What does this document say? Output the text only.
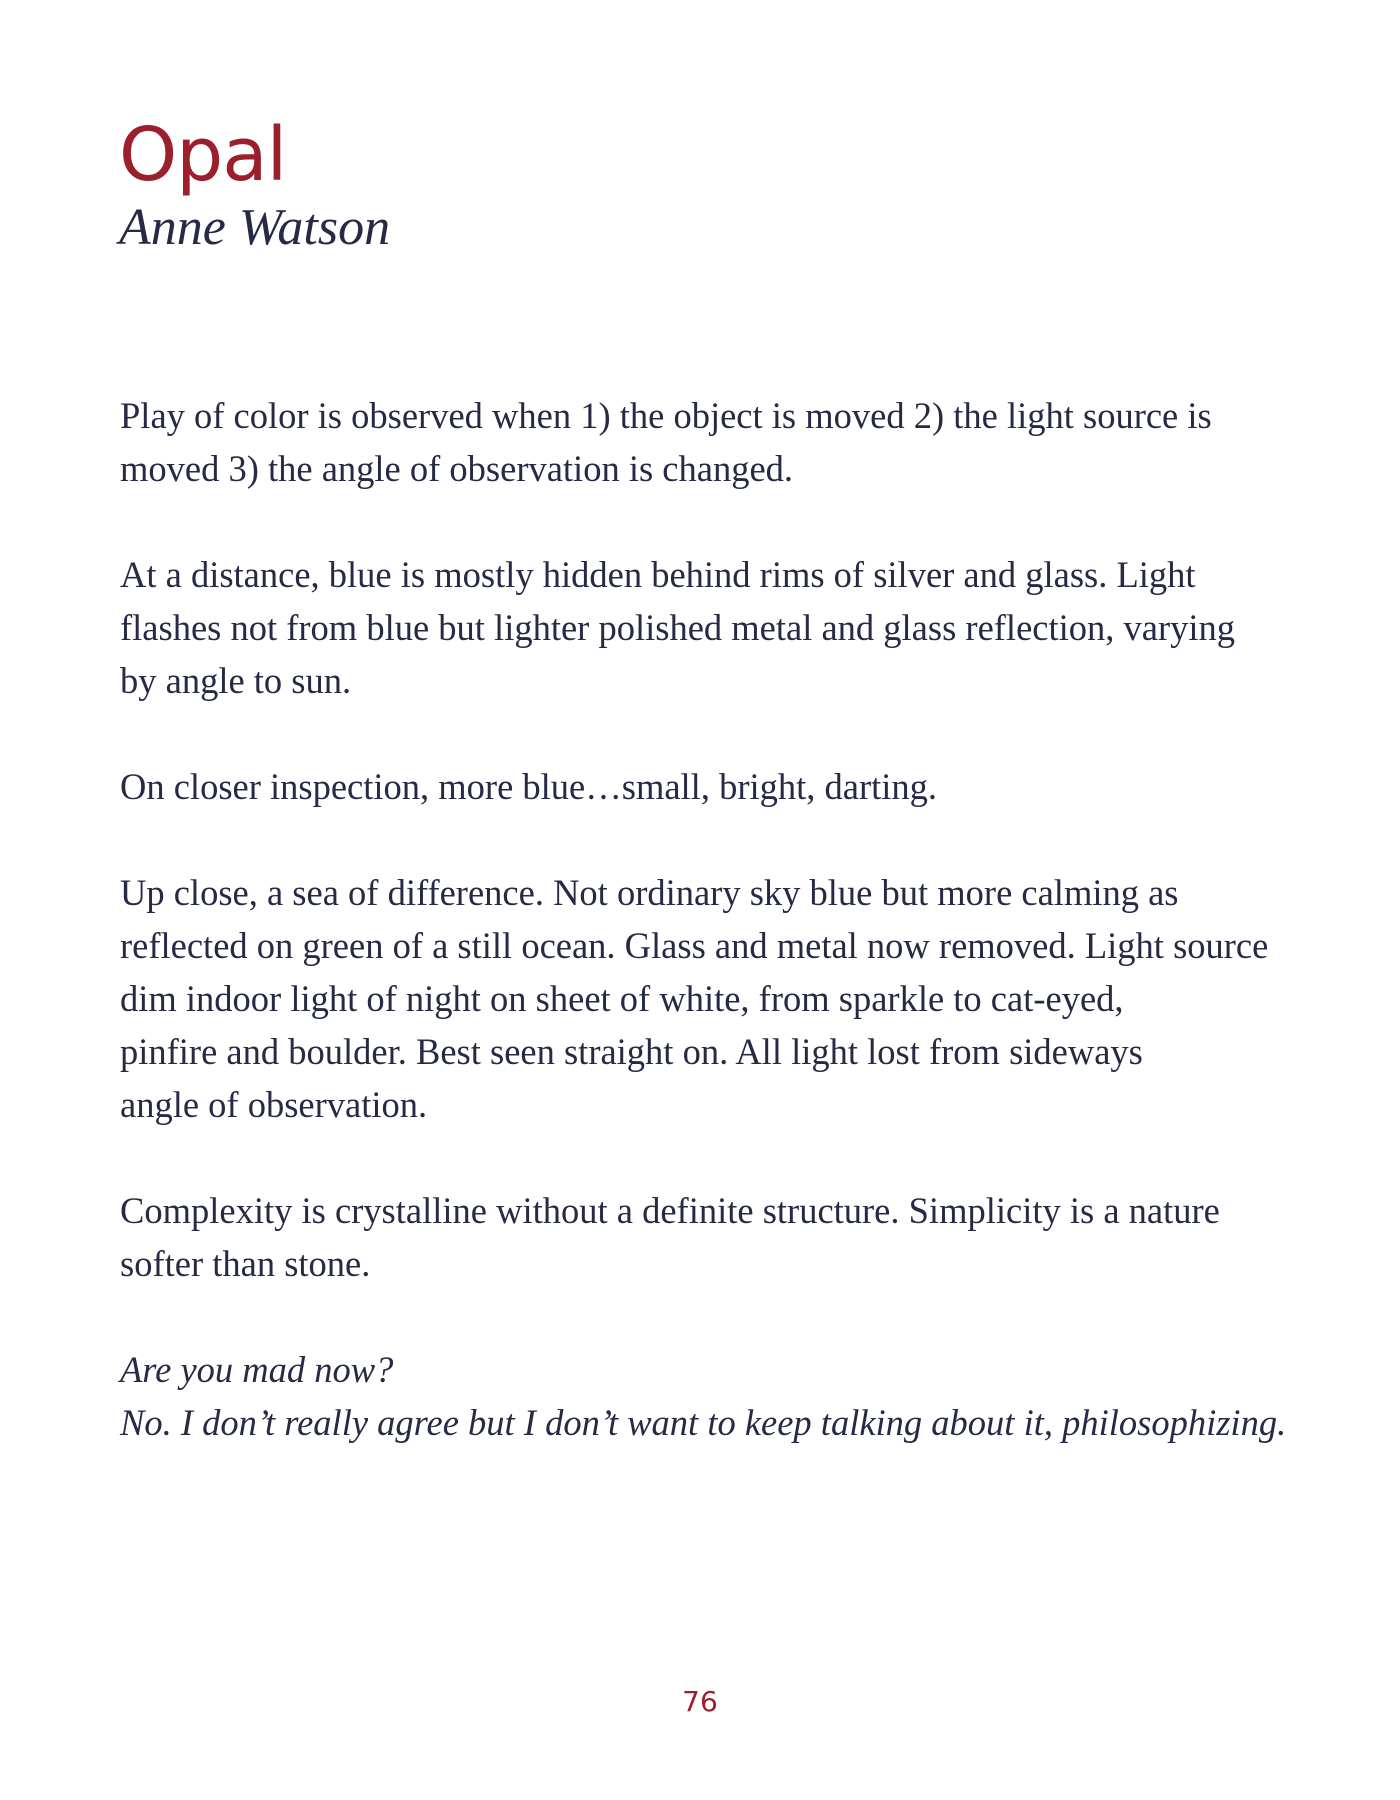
Opal
Anne Watson

Play of color is observed when 1) the object is moved 2) the light source is
moved 3) the angle of observation is changed.

At a distance, blue is mostly hidden behind rims of silver and glass. Light
flashes not from blue but lighter polished metal and glass reflection, varying
by angle to sun.

On closer inspection, more blue…small, bright, darting.

Up close, a sea of difference. Not ordinary sky blue but more calming as
reflected on green of a still ocean. Glass and metal now removed. Light source
dim indoor light of night on sheet of white, from sparkle to cat-eyed,
pinfire and boulder. Best seen straight on. All light lost from sideways
angle of observation.

Complexity is crystalline without a definite structure. Simplicity is a nature
softer than stone.

Are you mad now?
No. I don’t really agree but I don’t want to keep talking about it, philosophizing.

76
